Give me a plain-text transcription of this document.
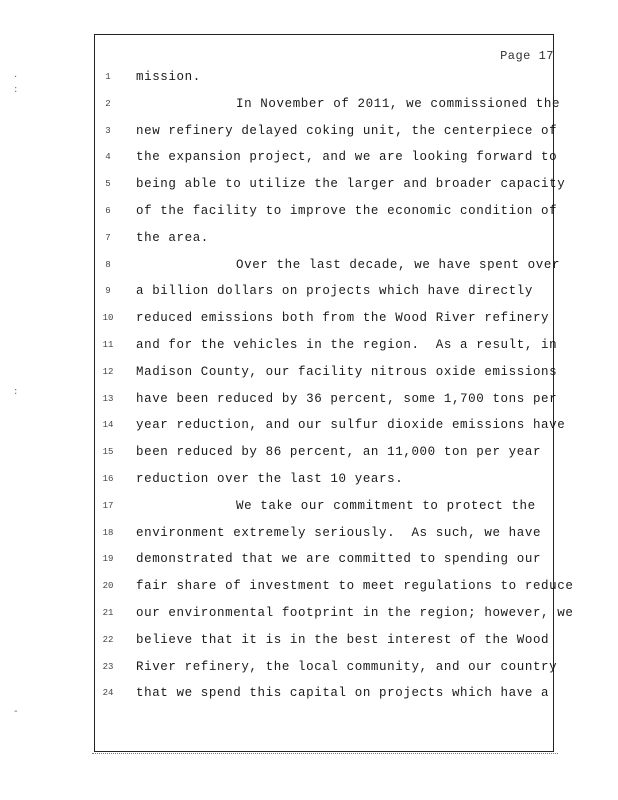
Page 17
1	mission.
2	In November of 2011, we commissioned the
3	new refinery delayed coking unit, the centerpiece of
4	the expansion project, and we are looking forward to
5	being able to utilize the larger and broader capacity
6	of the facility to improve the economic condition of
7	the area.
8	Over the last decade, we have spent over
9	a billion dollars on projects which have directly
10	reduced emissions both from the Wood River refinery
11	and for the vehicles in the region.  As a result, in
12	Madison County, our facility nitrous oxide emissions
13	have been reduced by 36 percent, some 1,700 tons per
14	year reduction, and our sulfur dioxide emissions have
15	been reduced by 86 percent, an 11,000 ton per year
16	reduction over the last 10 years.
17	We take our commitment to protect the
18	environment extremely seriously.  As such, we have
19	demonstrated that we are committed to spending our
20	fair share of investment to meet regulations to reduce
21	our environmental footprint in the region; however, we
22	believe that it is in the best interest of the Wood
23	River refinery, the local community, and our country
24	that we spend this capital on projects which have a
·
:
:
-
